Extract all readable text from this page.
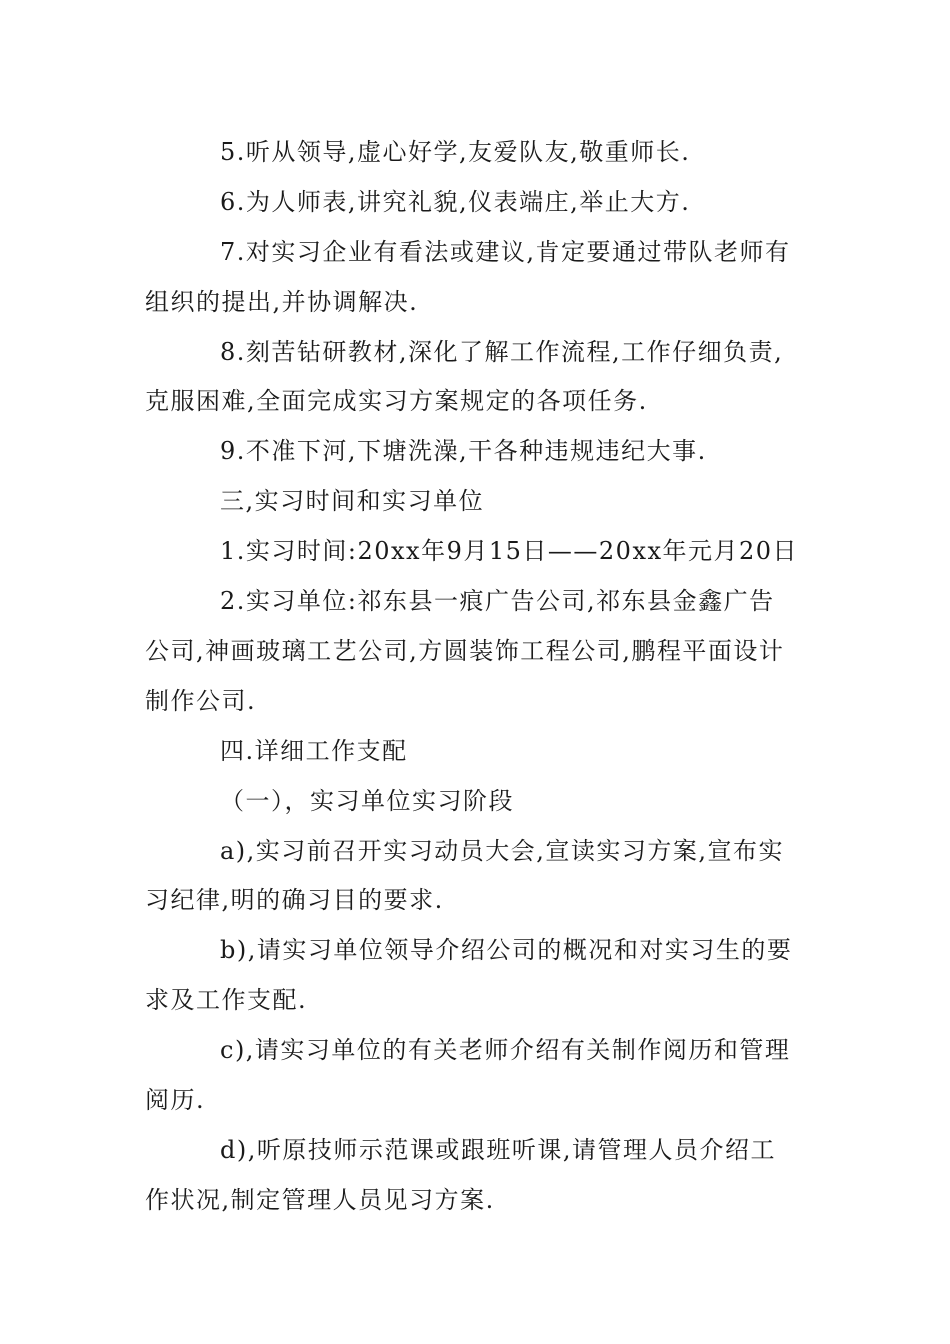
5.听从领导,虚心好学,友爱队友,敬重师长.
6.为人师表,讲究礼貌,仪表端庄,举止大方.
7.对实习企业有看法或建议,肯定要通过带队老师有
组织的提出,并协调解决.
8.刻苦钻研教材,深化了解工作流程,工作仔细负责,
克服困难,全面完成实习方案规定的各项任务.
9.不准下河,下塘洗澡,干各种违规违纪大事.
三,实习时间和实习单位
1.实习时间:20xx年9月15日——20xx年元月20日
2.实习单位:祁东县一痕广告公司,祁东县金鑫广告
公司,神画玻璃工艺公司,方圆装饰工程公司,鹏程平面设计
制作公司.
四.详细工作支配
（一），实习单位实习阶段
a),实习前召开实习动员大会,宣读实习方案,宣布实
习纪律,明的确习目的要求.
b),请实习单位领导介绍公司的概况和对实习生的要
求及工作支配.
c),请实习单位的有关老师介绍有关制作阅历和管理
阅历.
d),听原技师示范课或跟班听课,请管理人员介绍工
作状况,制定管理人员见习方案.
